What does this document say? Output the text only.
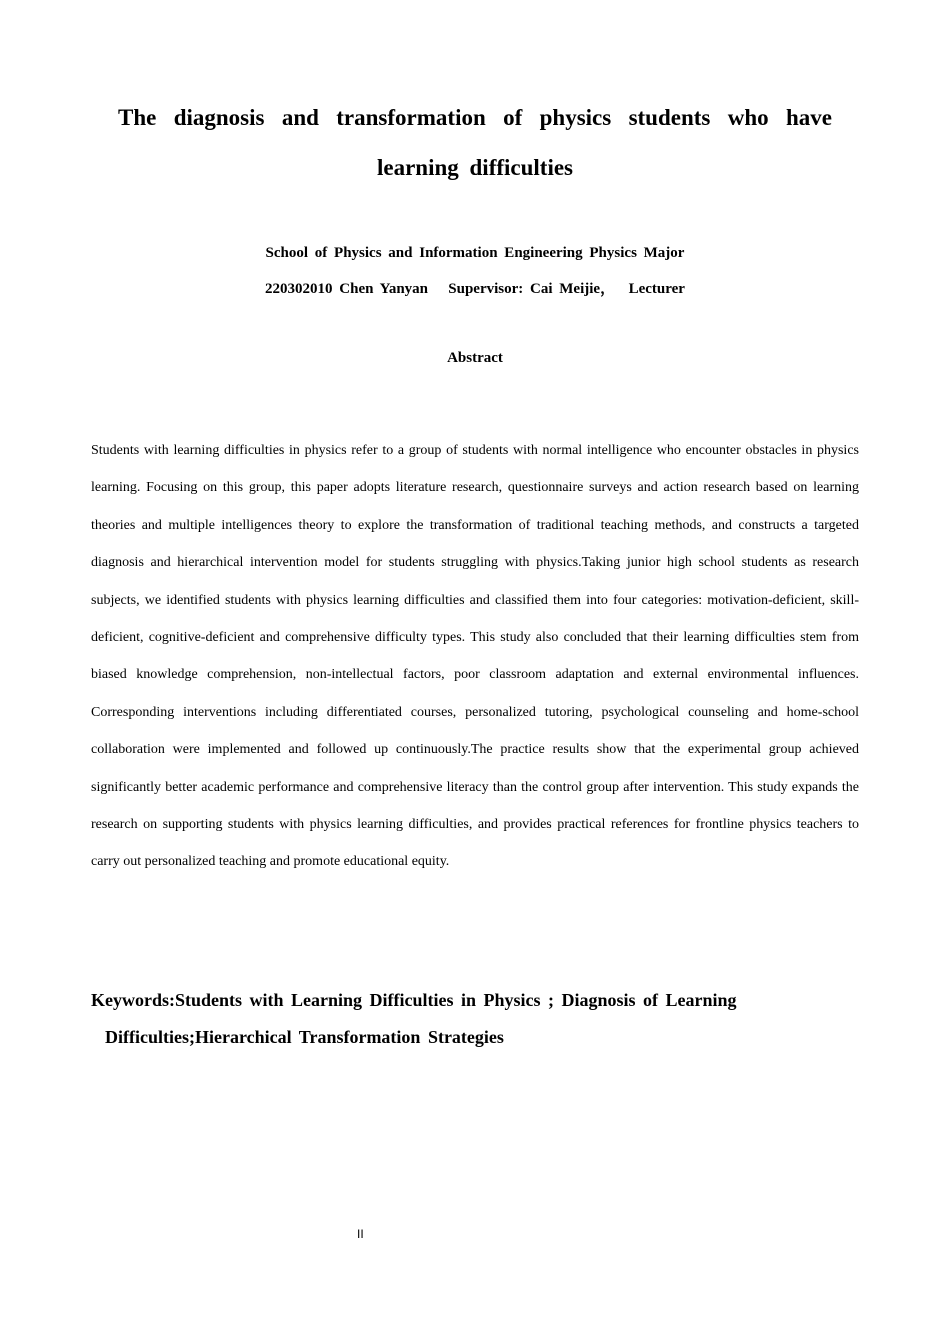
The diagnosis and transformation of physics students who have learning difficulties
School of Physics and Information Engineering Physics Major
220302010 Chen Yanyan   Supervisor: Cai Meijie，  Lecturer
Abstract

Students with learning difficulties in physics refer to a group of students with normal intelligence who encounter obstacles in physics learning. Focusing on this group, this paper adopts literature research, questionnaire surveys and action research based on learning theories and multiple intelligences theory to explore the transformation of traditional teaching methods, and constructs a targeted diagnosis and hierarchical intervention model for students struggling with physics.Taking junior high school students as research subjects, we identified students with physics learning difficulties and classified them into four categories: motivation-deficient, skill-deficient, cognitive-deficient and comprehensive difficulty types. This study also concluded that their learning difficulties stem from biased knowledge comprehension, non-intellectual factors, poor classroom adaptation and external environmental influences. Corresponding interventions including differentiated courses, personalized tutoring, psychological counseling and home-school collaboration were implemented and followed up continuously.The practice results show that the experimental group achieved significantly better academic performance and comprehensive literacy than the control group after intervention. This study expands the research on supporting students with physics learning difficulties, and provides practical references for frontline physics teachers to carry out personalized teaching and promote educational equity.

Keywords:Students with Learning Difficulties in Physics ; Diagnosis of Learning
Difficulties;Hierarchical Transformation Strategies
II
